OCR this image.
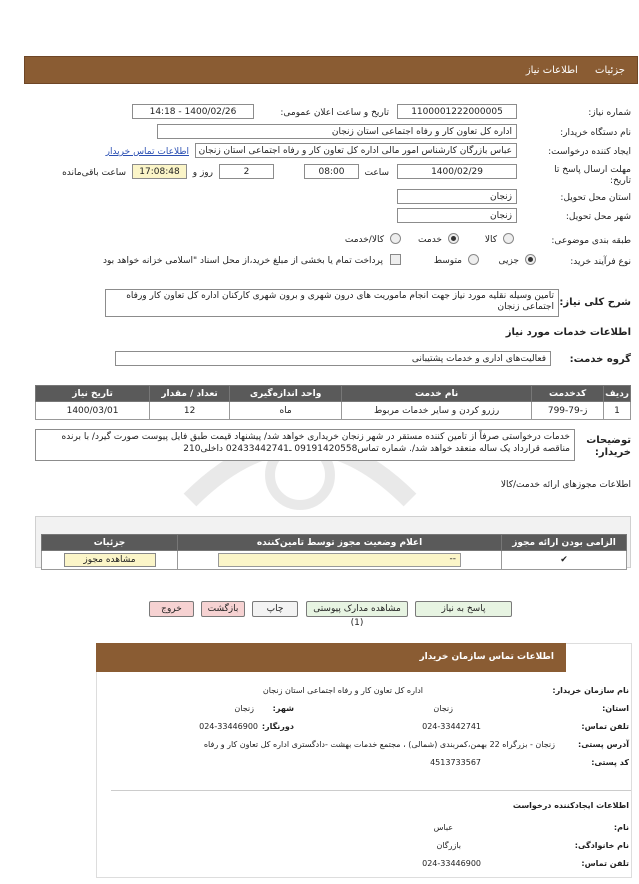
جزئیات اطلاعات نیاز
شماره نیاز:
1100001222000005
تاریخ و ساعت اعلان عمومی:
1400/02/26 - 14:18
نام دستگاه خریدار:
اداره کل تعاون کار و رفاه اجتماعی استان زنجان
ایجاد کننده درخواست:
عباس بازرگان کارشناس امور مالی اداره کل تعاون کار و رفاه اجتماعی استان زنجان
اطلاعات تماس خریدار
مهلت ارسال پاسخ تا تاریخ:
1400/02/29
ساعت
08:00
2
روز و
17:08:48
ساعت باقی‌مانده
استان محل تحویل:
زنجان
شهر محل تحویل:
زنجان
طبقه بندی موضوعی:
کالا
خدمت
کالا/خدمت
نوع فرآیند خرید:
جزیی
متوسط
پرداخت تمام یا بخشی از مبلغ خرید،از محل اسناد "اسلامی خزانه خواهد بود
شرح کلی نیاز:
تامین وسیله نقلیه مورد نیاز جهت انجام ماموریت های درون شهری و برون شهری کارکنان اداره کل تعاون کار ورفاه اجتماعی زنجان
اطلاعات خدمات مورد نیاز
گروه خدمت:
فعالیت‌های اداری و خدمات پشتیبانی
ردیف	کدخدمت	نام خدمت	واحد اندازه‌گیری	تعداد / مقدار	تاریخ نیاز
1	ز-79-799	رزرو کردن و سایر خدمات مربوط	ماه	12	1400/03/01
توضیحات خریدار:
خدمات درخواستی صرفاً از تامین کننده مستقر در شهر زنجان خریداری خواهد شد/ پیشنهاد قیمت طبق فایل پیوست صورت گیرد/ با برنده مناقصه قرارداد یک ساله منعقد خواهد شد/. شماره تماس09191420558 ـ02433442741 داخلی210
اطلاعات مجوزهای ارائه خدمت/کالا
الزامی بودن ارائه مجوز	اعلام وضعیت مجوز توسط تامین‌کننده	جزئیات
✔	--	مشاهده مجوز
پاسخ به نیاز
مشاهده مدارک پیوستی (1)
چاپ
بازگشت
خروج
اطلاعات تماس سازمان خریدار
نام سازمان خریدار:
اداره کل تعاون کار و رفاه اجتماعی استان زنجان
استان:
زنجان
شهر:
زنجان
تلفن تماس:
024-33442741
دورنگار:
024-33446900
آدرس پستی:
زنجان - بزرگراه 22 بهمن،کمربندی (شمالی) ، مجتمع خدمات بهشت -دادگستری اداره کل تعاون کار و رفاه
کد پستی:
4513733567
اطلاعات ایجادکننده درخواست
نام:
عباس
نام خانوادگی:
بازرگان
تلفن تماس:
024-33446900
